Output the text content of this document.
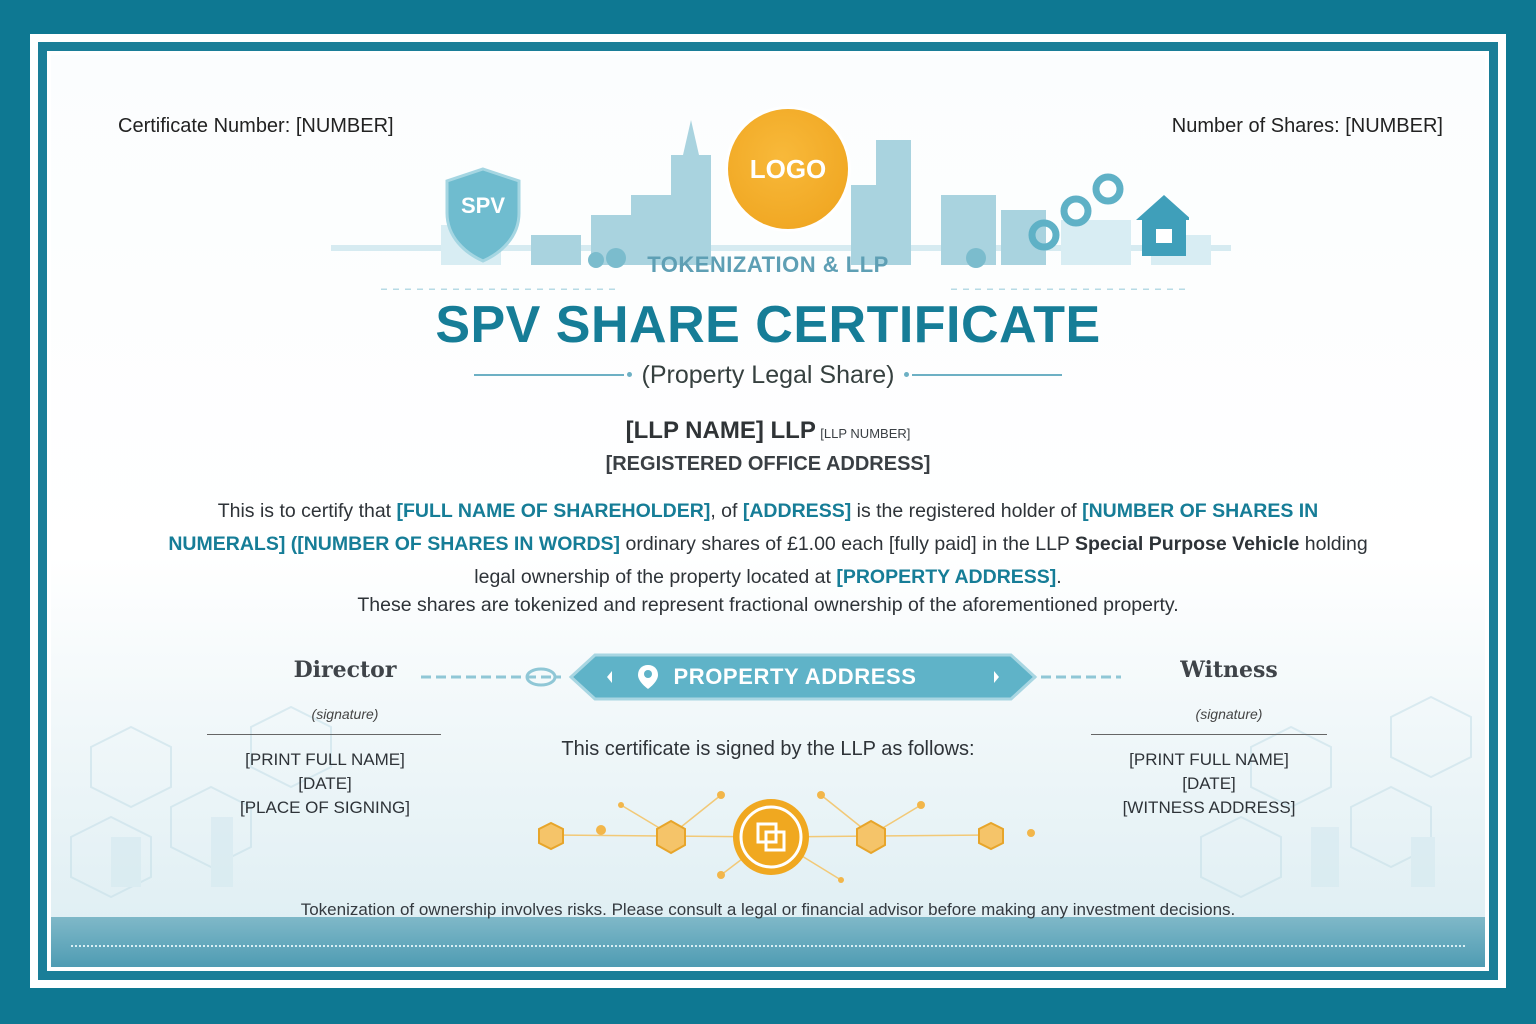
Certificate Number: [NUMBER]	Number of Shares: [NUMBER]
SPV
LOGO
TOKENIZATION & LLP
SPV SHARE CERTIFICATE
(Property Legal Share)
[LLP NAME] LLP [LLP NUMBER]
[REGISTERED OFFICE ADDRESS]
This is to certify that [FULL NAME OF SHAREHOLDER], of [ADDRESS] is the registered holder of [NUMBER OF SHARES IN NUMERALS] ([NUMBER OF SHARES IN WORDS] ordinary shares of £1.00 each [fully paid] in the LLP Special Purpose Vehicle holding legal ownership of the property located at [PROPERTY ADDRESS].
These shares are tokenized and represent fractional ownership of the aforementioned property.
Director
(signature)
[PRINT FULL NAME]
[DATE]
[PLACE OF SIGNING]
PROPERTY ADDRESS	Witness
(signature)
[PRINT FULL NAME]
[DATE]
[WITNESS ADDRESS]
This certificate is signed by the LLP as follows:
Tokenization of ownership involves risks. Please consult a legal or financial advisor before making any investment decisions.
